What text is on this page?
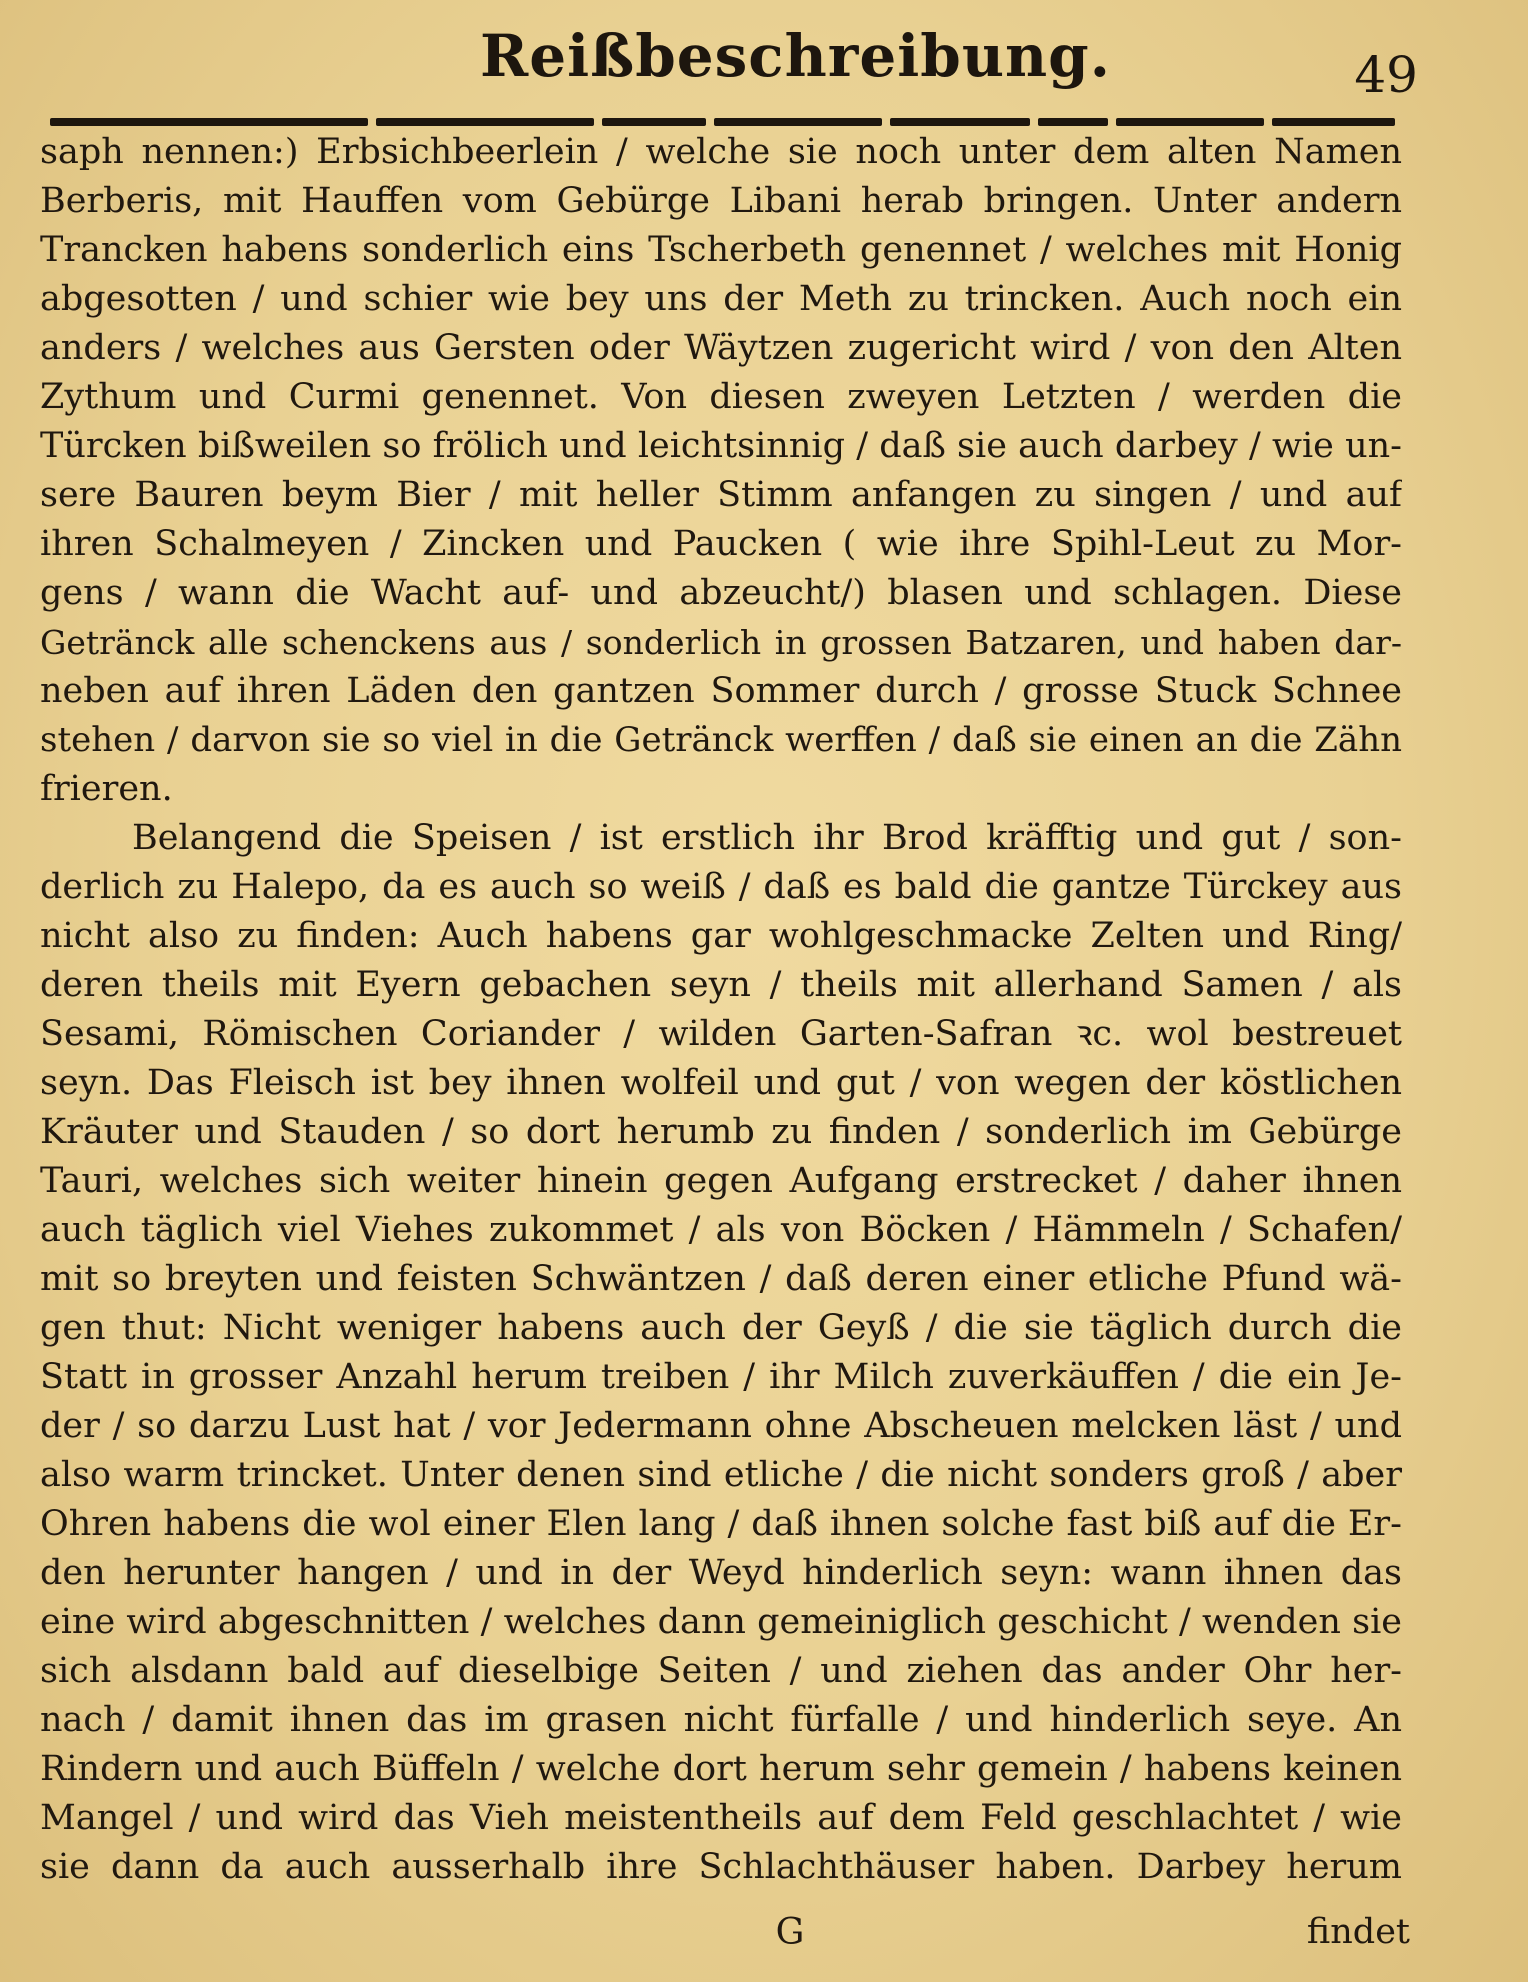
Reißbeschreibung.	49
saph nennen:) Erbsichbeerlein / welche sie noch unter dem alten Namen
Berberis, mit Hauffen vom Gebürge Libani herab bringen. Unter andern
Trancken habens sonderlich eins Tscherbeth genennet / welches mit Honig
abgesotten / und schier wie bey uns der Meth zu trincken. Auch noch ein
anders / welches aus Gersten oder Wäytzen zugericht wird / von den Alten
Zythum und Curmi genennet. Von diesen zweyen Letzten / werden die
Türcken bißweilen so frölich und leichtsinnig / daß sie auch darbey / wie un-
sere Bauren beym Bier / mit heller Stimm anfangen zu singen / und auf
ihren Schalmeyen / Zincken und Paucken ( wie ihre Spihl-Leut zu Mor-
gens / wann die Wacht auf- und abzeucht/) blasen und schlagen. Diese
Getränck alle schenckens aus / sonderlich in grossen Batzaren, und haben dar-
neben auf ihren Läden den gantzen Sommer durch / grosse Stuck Schnee
stehen / darvon sie so viel in die Getränck werffen / daß sie einen an die Zähn
frieren.
Belangend die Speisen / ist erstlich ihr Brod kräfftig und gut / son-
derlich zu Halepo, da es auch so weiß / daß es bald die gantze Türckey aus
nicht also zu finden: Auch habens gar wohlgeschmacke Zelten und Ring/
deren theils mit Eyern gebachen seyn / theils mit allerhand Samen / als
Sesami, Römischen Coriander / wilden Garten-Safran ꝛc. wol bestreuet
seyn. Das Fleisch ist bey ihnen wolfeil und gut / von wegen der köstlichen
Kräuter und Stauden / so dort herumb zu finden / sonderlich im Gebürge
Tauri, welches sich weiter hinein gegen Aufgang erstrecket / daher ihnen
auch täglich viel Viehes zukommet / als von Böcken / Hämmeln / Schafen/
mit so breyten und feisten Schwäntzen / daß deren einer etliche Pfund wä-
gen thut: Nicht weniger habens auch der Geyß / die sie täglich durch die
Statt in grosser Anzahl herum treiben / ihr Milch zuverkäuffen / die ein Je-
der / so darzu Lust hat / vor Jedermann ohne Abscheuen melcken läst / und
also warm trincket. Unter denen sind etliche / die nicht sonders groß / aber
Ohren habens die wol einer Elen lang / daß ihnen solche fast biß auf die Er-
den herunter hangen / und in der Weyd hinderlich seyn: wann ihnen das
eine wird abgeschnitten / welches dann gemeiniglich geschicht / wenden sie
sich alsdann bald auf dieselbige Seiten / und ziehen das ander Ohr her-
nach / damit ihnen das im grasen nicht fürfalle / und hinderlich seye. An
Rindern und auch Büffeln / welche dort herum sehr gemein / habens keinen
Mangel / und wird das Vieh meistentheils auf dem Feld geschlachtet / wie
sie dann da auch ausserhalb ihre Schlachthäuser haben. Darbey herum
G	findet
